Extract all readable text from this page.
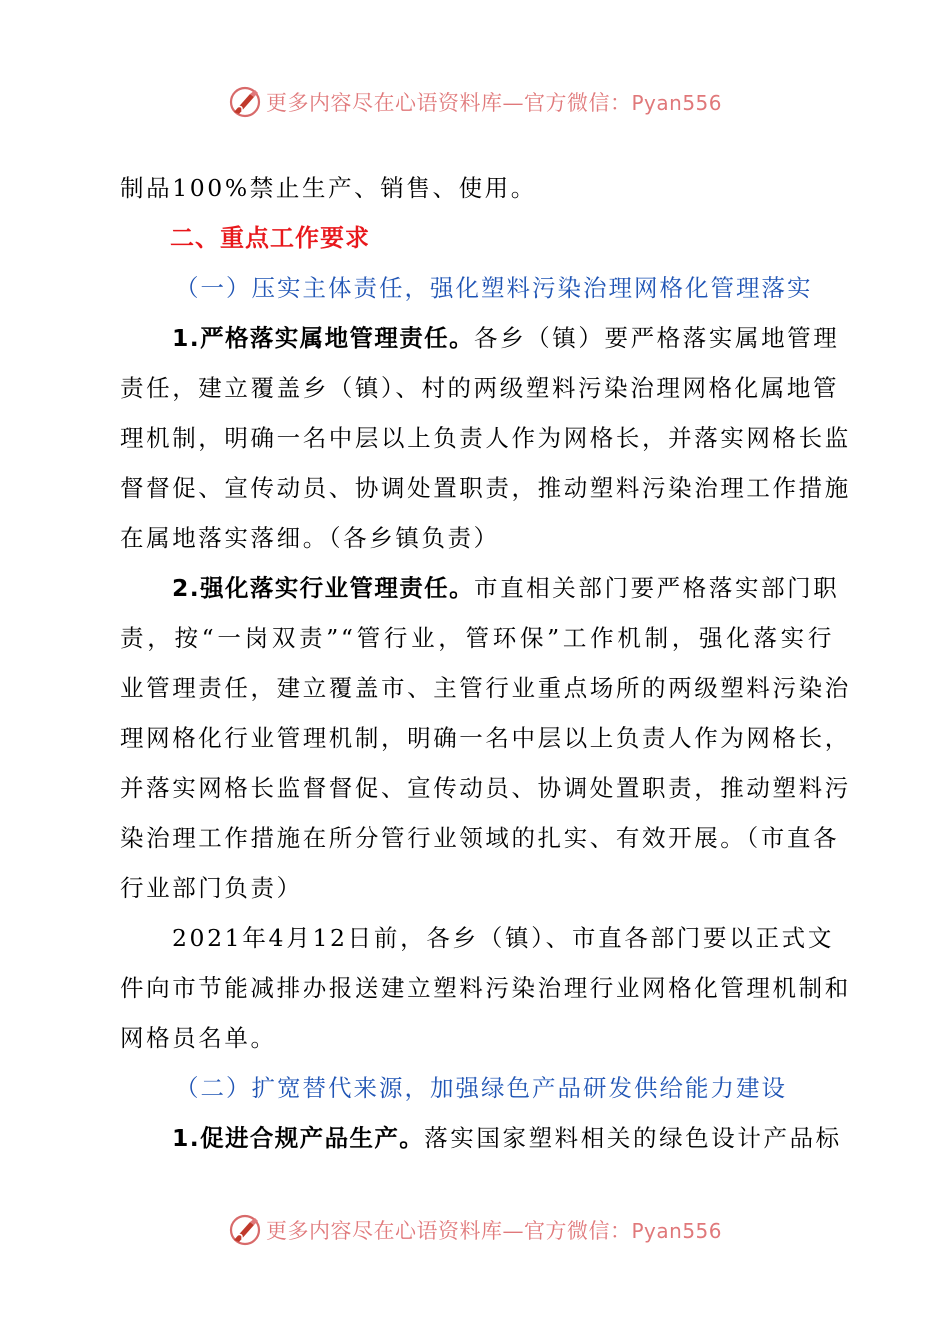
更多内容尽在心语资料库—官方微信：Pyan556
制品100%禁止生产、销售、使用。
二、重点工作要求
（一）压实主体责任，强化塑料污染治理网格化管理落实
1.严格落实属地管理责任。各乡（镇）要严格落实属地管理
责任，建立覆盖乡（镇）、村的两级塑料污染治理网格化属地管
理机制，明确一名中层以上负责人作为网格长，并落实网格长监
督督促、宣传动员、协调处置职责，推动塑料污染治理工作措施
在属地落实落细。（各乡镇负责）
2.强化落实行业管理责任。市直相关部门要严格落实部门职
责，按“一岗双责”“管行业，管环保”工作机制，强化落实行
业管理责任，建立覆盖市、主管行业重点场所的两级塑料污染治
理网格化行业管理机制，明确一名中层以上负责人作为网格长，
并落实网格长监督督促、宣传动员、协调处置职责，推动塑料污
染治理工作措施在所分管行业领域的扎实、有效开展。（市直各
行业部门负责）
2021年4月12日前，各乡（镇）、市直各部门要以正式文
件向市节能减排办报送建立塑料污染治理行业网格化管理机制和
网格员名单。
（二）扩宽替代来源，加强绿色产品研发供给能力建设
1.促进合规产品生产。落实国家塑料相关的绿色设计产品标
更多内容尽在心语资料库—官方微信：Pyan556
